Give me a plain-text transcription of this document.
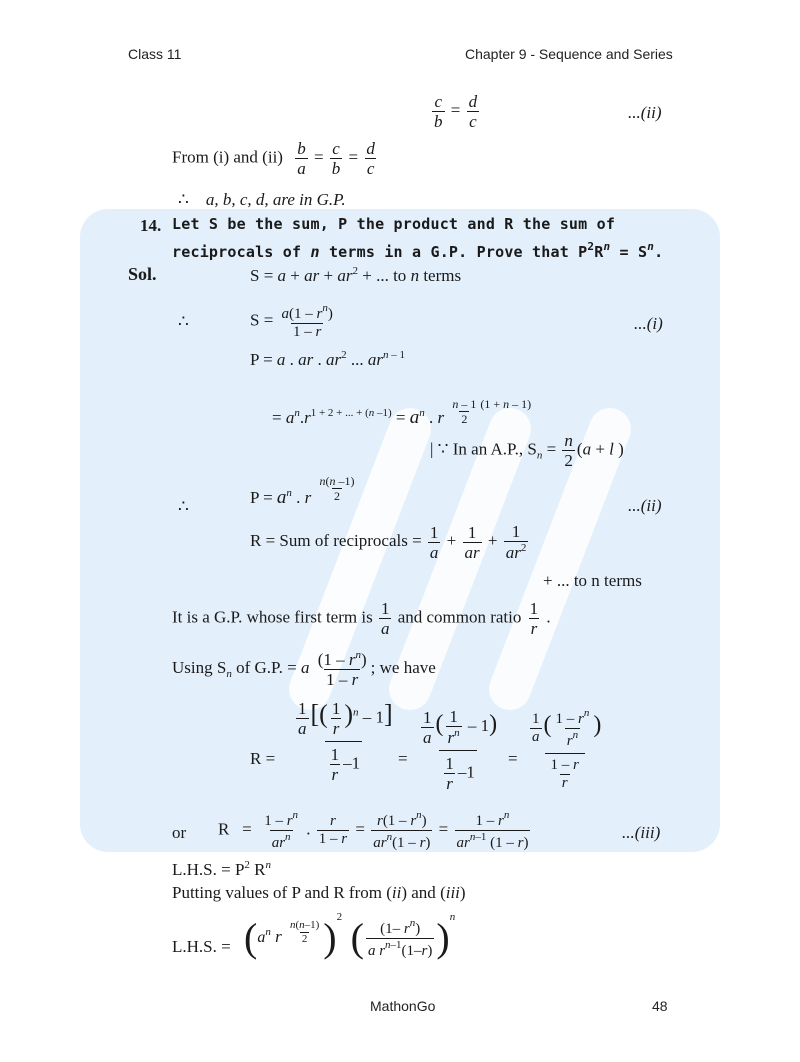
Class 11	Chapter 9 - Sequence and Series
$\frac{c}{b} = \frac{d}{c}$	...(ii)
From (i) and $(ii) \frac{b}{a} = \frac{c}{b} = \frac{d}{c}$
∴    a, b, c, d, are in G.P.
14. Let S be the sum, P the product and R the sum of
reciprocals of n terms in a G.P. Prove that $P^2R^n = S^n$.
Sol.	S = a + ar + $ar^2$ + ... to n terms
∴	$S = \frac{a(1 - r^n)}{1 - r}$	...(i)
P = a . ar . $ar^2$ ... $ar^{n - 1}$
= $a^n.r^{1 + 2 + ... + (n -1)} = a^n$ . r $\frac{n - 1}{2} ^{(1 + n - 1)}$
| ∵ In an A.P., $S_n = \frac{n}{2} (a + l$ )
∴	$P = a^n$ . r $\frac{n(n -1)}{2}$
...(ii)
R = Sum of reciprocals = $\frac{1}{a} + \frac{1}{ar} + \frac{1}{ar^2}$
+ ... to n terms
It is a G.P. whose first term is $\frac{1}{a}$ and common ratio $\frac{1}{r}$ .
Using $S_n$ of G.P. = a $\frac{(1 - r^n)}{1 - r}$ ; we have
$R = \frac{\frac{1}{a} [( \frac{1}{r} )^n - 1]}{\frac{1}{r} -1} = \frac{\frac{1}{a} ( \frac{1}{r^n} - 1)}{\frac{1}{r} -1} = \frac{\frac{1}{a} ( \frac{1 - r^n}{r^n} )}{\frac{1 - r}{r}}$
or $R = \frac{1 - r^n}{ar^n}$ . $\frac{r}{1 - r} = \frac{r(1 - r^n)}{ar^n(1 - r)} = \frac{1 - r^n}{ar^{n-1} (1 - r)}$	...(iii)
L.H.S. = $P^2$ $R^n$
Putting values of P and R from (ii) and (iii)
L.H.S. = ($a^n$ r $\frac{n(n-1)}{2} )^2$ ( $\frac{(1- r^n)}{a r^{n-1}(1-r)} )^n$
MathonGo	48
